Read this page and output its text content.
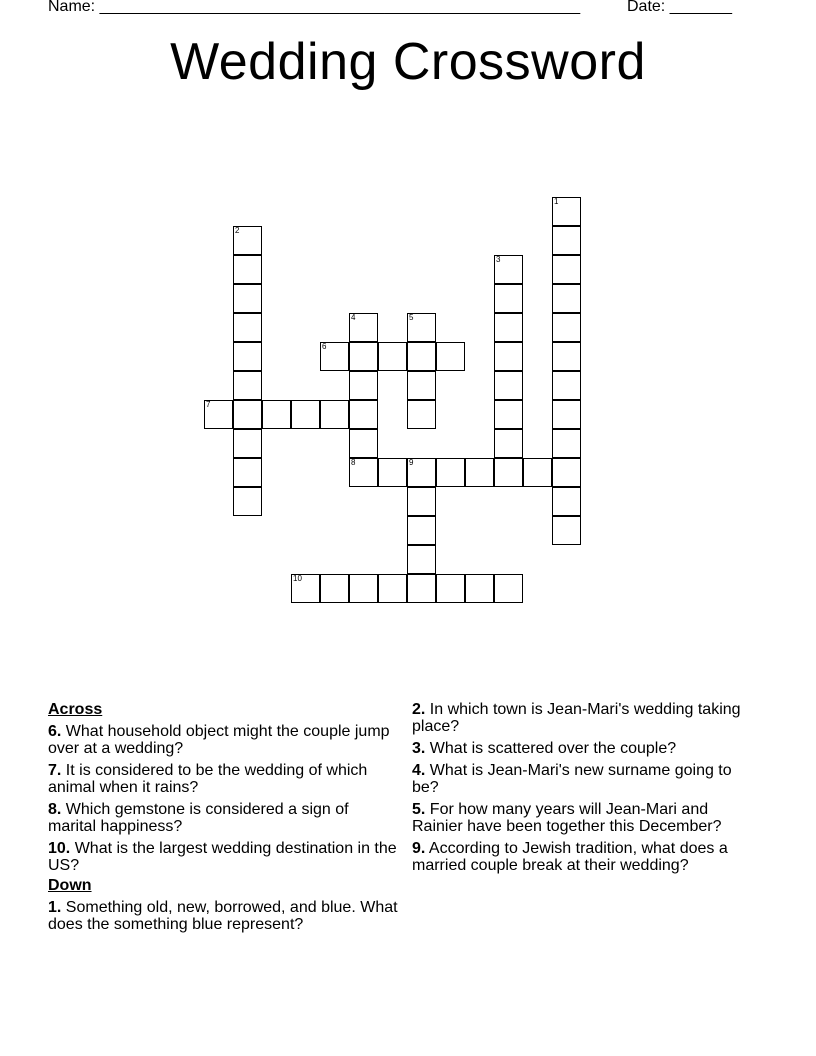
Name: ______________________________________________________	Date: _______
Wedding Crossword
1
2
3
4
8
5
6
7
9
10
Across
6. What household object might the couple jump over at a wedding?
7. It is considered to be the wedding of which animal when it rains?
8. Which gemstone is considered a sign of marital happiness?
10. What is the largest wedding destination in the US?
Down
1. Something old, new, borrowed, and blue. What does the something blue represent?
2. In which town is Jean-Mari's wedding taking place?
3. What is scattered over the couple?
4. What is Jean-Mari's new surname going to be?
5. For how many years will Jean-Mari and Rainier have been together this December?
9. According to Jewish tradition, what does a married couple break at their wedding?
